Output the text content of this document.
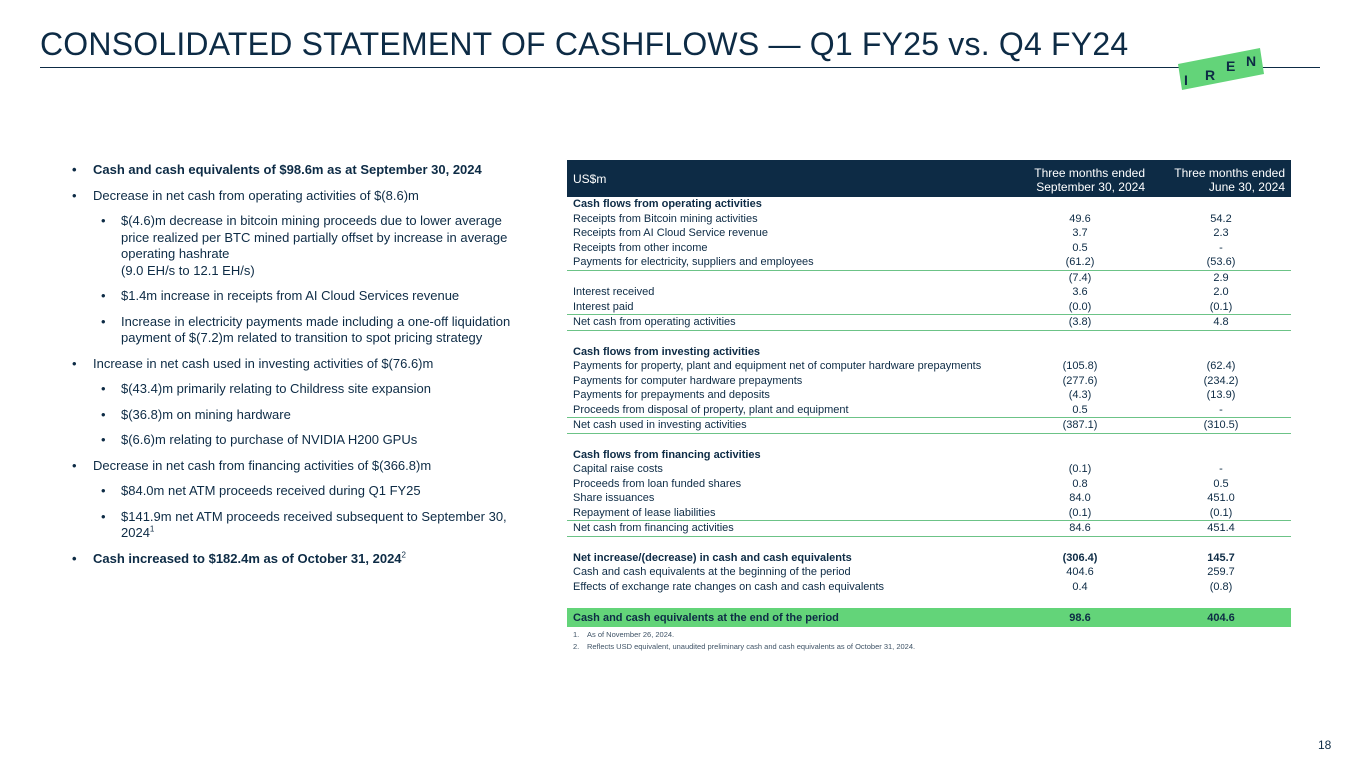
CONSOLIDATED STATEMENT OF CASHFLOWS — Q1 FY25 vs. Q4 FY24
I R
E N
• Cash and cash equivalents of $98.6m as at September 30, 2024
• Decrease in net cash from operating activities of $(8.6)m
• $(4.6)m decrease in bitcoin mining proceeds due to lower average price realized per BTC mined partially offset by increase in average operating hashrate
(9.0 EH/s to 12.1 EH/s)
• $1.4m increase in receipts from AI Cloud Services revenue
• Increase in electricity payments made including a one-off liquidation payment of $(7.2)m related to transition to spot pricing strategy
• Increase in net cash used in investing activities of $(76.6)m
• $(43.4)m primarily relating to Childress site expansion
• $(36.8)m on mining hardware
• $(6.6)m relating to purchase of NVIDIA H200 GPUs
• Decrease in net cash from financing activities of $(366.8)m
• $84.0m net ATM proceeds received during Q1 FY25
• $141.9m net ATM proceeds received subsequent to September 30, 2024$^1$
• Cash increased to $182.4m as of October 31, 2024$^2$
US$m	Three months ended	Three months ended
	September 30, 2024	June 30, 2024
Cash flows from operating activities		
Receipts from Bitcoin mining activities	49.6	54.2
Receipts from AI Cloud Service revenue	3.7	2.3
Receipts from other income	0.5	-
Payments for electricity, suppliers and employees	(61.2)	(53.6)
	(7.4)	2.9
Interest received	3.6	2.0
Interest paid	(0.0)	(0.1)
Net cash from operating activities	(3.8)	4.8

Cash flows from investing activities		
Payments for property, plant and equipment net of computer hardware prepayments	(105.8)	(62.4)
Payments for computer hardware prepayments	(277.6)	(234.2)
Payments for prepayments and deposits	(4.3)	(13.9)
Proceeds from disposal of property, plant and equipment	0.5	-
Net cash used in investing activities	(387.1)	(310.5)

Cash flows from financing activities		
Capital raise costs	(0.1)	-
Proceeds from loan funded shares	0.8	0.5
Share issuances	84.0	451.0
Repayment of lease liabilities	(0.1)	(0.1)
Net cash from financing activities	84.6	451.4

Net increase/(decrease) in cash and cash equivalents	(306.4)	145.7
Cash and cash equivalents at the beginning of the period	404.6	259.7
Effects of exchange rate changes on cash and cash equivalents	0.4	(0.8)

Cash and cash equivalents at the end of the period	98.6	404.6
1. As of November 26, 2024.
2. Reflects USD equivalent, unaudited preliminary cash and cash equivalents as of October 31, 2024.
18
